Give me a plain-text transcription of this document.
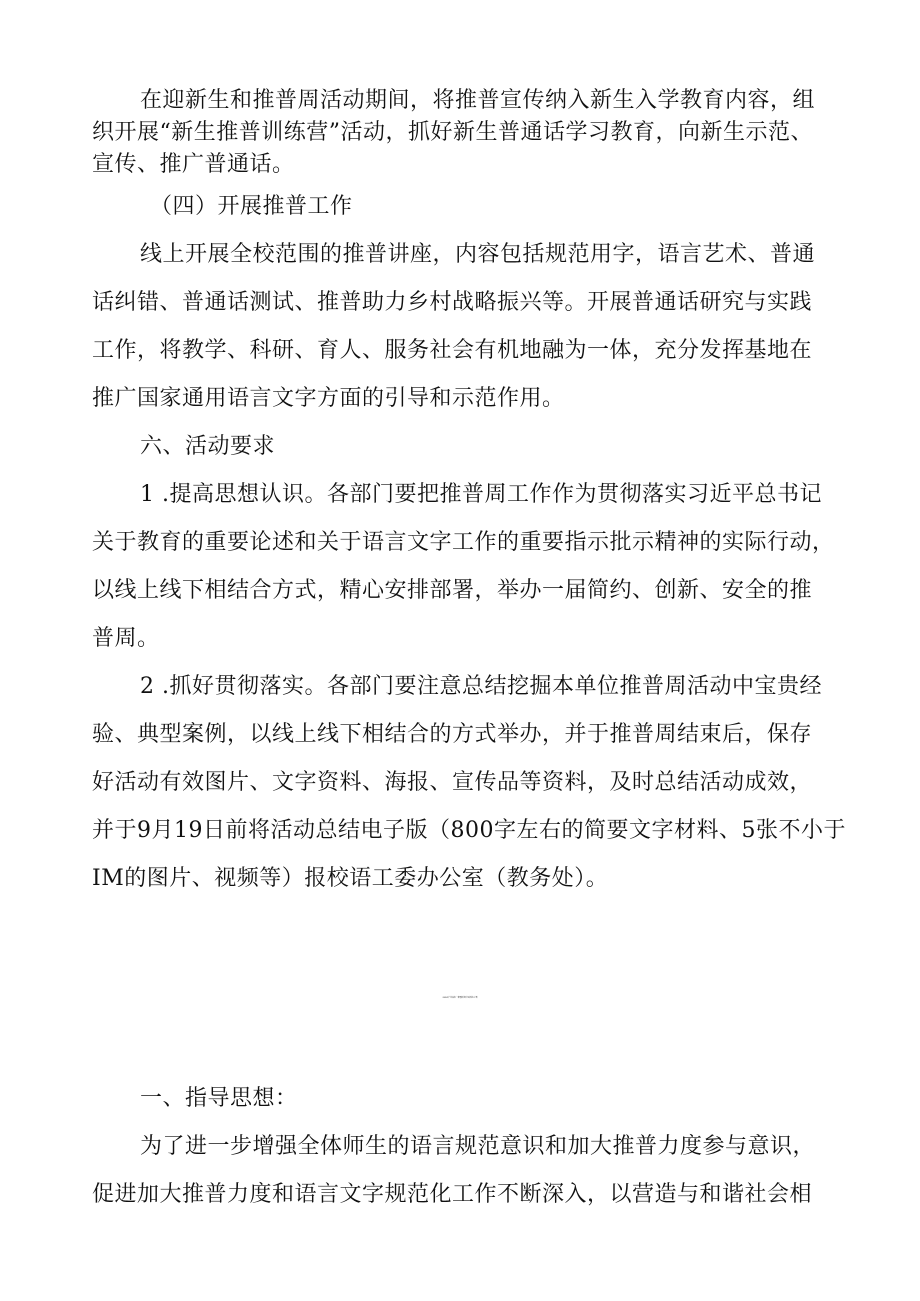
在迎新生和推普周活动期间，将推普宣传纳入新生入学教育内容，组
织开展“新生推普训练营”活动，抓好新生普通话学习教育，向新生示范、
宣传、推广普通话。
（四）开展推普工作
线上开展全校范围的推普讲座，内容包括规范用字，语言艺术、普通
话纠错、普通话测试、推普助力乡村战略振兴等。开展普通话研究与实践
工作，将教学、科研、育人、服务社会有机地融为一体，充分发挥基地在
推广国家通用语言文字方面的引导和示范作用。
六、活动要求
1 .提高思想认识。各部门要把推普周工作作为贯彻落实习近平总书记
关于教育的重要论述和关于语言文字工作的重要指示批示精神的实际行动，
以线上线下相结合方式，精心安排部署，举办一届简约、创新、安全的推
普周。
2 .抓好贯彻落实。各部门要注意总结挖掘本单位推普周活动中宝贵经
验、典型案例，以线上线下相结合的方式举办，并于推普周结束后，保存
好活动有效图片、文字资料、海报、宣传品等资料，及时总结活动成效，
并于9月19日前将活动总结电子版（800字左右的简要文字材料、5张不小于
IM的图片、视频等）报校语工委办公室（教务处）。
2024年学校推广普通话宣传周活动方案
一、指导思想：
为了进一步增强全体师生的语言规范意识和加大推普力度参与意识，
促进加大推普力度和语言文字规范化工作不断深入，以营造与和谐社会相
